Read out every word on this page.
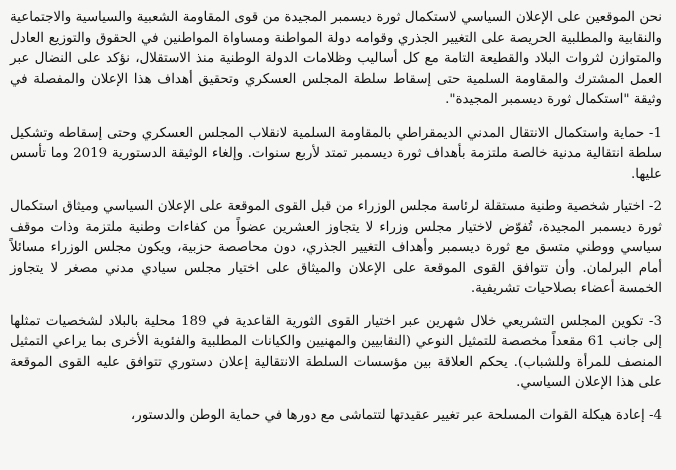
نحن الموقعين على الإعلان السياسي لاستكمال ثورة ديسمبر المجيدة من قوى المقاومة الشعبية والسياسية والاجتماعية والنقابية والمطلبية الحريصة على التغيير الجذري وقوامه دولة المواطنة ومساواة المواطنين في الحقوق والتوزيع العادل والمتوازن لثروات البلاد والقطيعة التامة مع كل أساليب وظلامات الدولة الوطنية منذ الاستقلال، نؤكد على النضال عبر العمل المشترك والمقاومة السلمية حتى إسقاط سلطة المجلس العسكري وتحقيق أهداف هذا الإعلان والمفصلة في وثيقة "استكمال ثورة ديسمبر المجيدة".

1- حماية واستكمال الانتقال المدني الديمقراطي بالمقاومة السلمية لانقلاب المجلس العسكري وحتى إسقاطه وتشكيل سلطة انتقالية مدنية خالصة ملتزمة بأهداف ثورة ديسمبر تمتد لأربع سنوات. وإلغاء الوثيقة الدستورية 2019 وما تأسس عليها.

2- اختيار شخصية وطنية مستقلة لرئاسة مجلس الوزراء من قبل القوى الموقعة على الإعلان السياسي وميثاق استكمال ثورة ديسمبر المجيدة، تُفوّض لاختيار مجلس وزراء لا يتجاوز العشرين عضواً من كفاءات وطنية ملتزمة وذات موقف سياسي ووطني متسق مع ثورة ديسمبر وأهداف التغيير الجذري، دون محاصصة حزبية، ويكون مجلس الوزراء مسائلاً أمام البرلمان. وأن تتوافق القوى الموقعة على الإعلان والميثاق على اختيار مجلس سيادي مدني مصغر لا يتجاوز الخمسة أعضاء بصلاحيات تشريفية.

3- تكوين المجلس التشريعي خلال شهرين عبر اختيار القوى الثورية القاعدية في 189 محلية بالبلاد لشخصيات تمثلها إلى جانب 61 مقعداً مخصصة للتمثيل النوعي (النقابيين والمهنيين والكيانات المطلبية والفئوية الأخرى بما يراعي التمثيل المنصف للمرأة وللشباب). يحكم العلاقة بين مؤسسات السلطة الانتقالية إعلان دستوري تتوافق عليه القوى الموقعة على هذا الإعلان السياسي.

4- إعادة هيكلة القوات المسلحة عبر تغيير عقيدتها لتتماشى مع دورها في حماية الوطن والدستور،
